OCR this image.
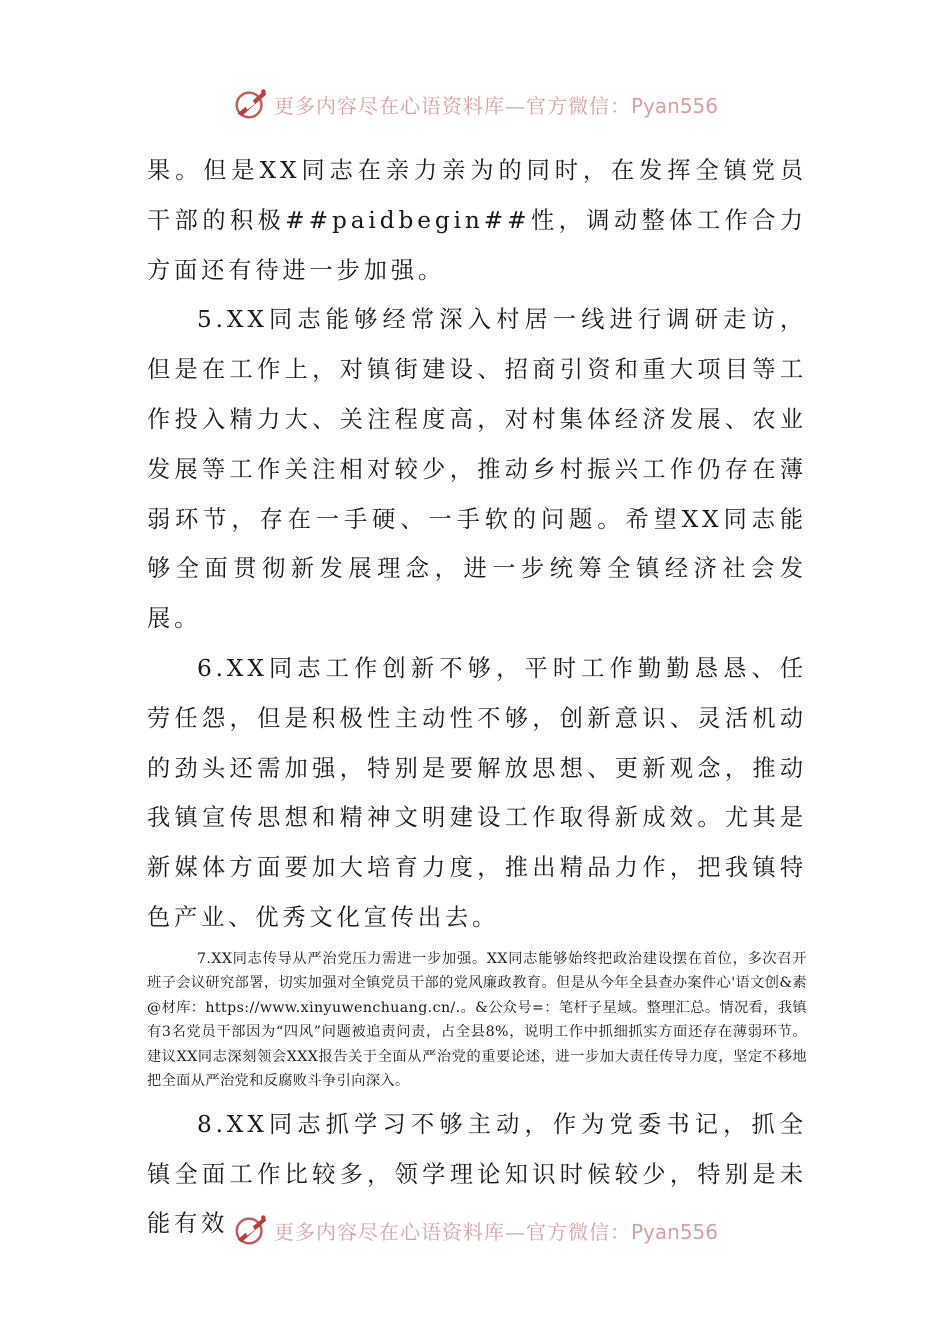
更多内容尽在心语资料库—官方微信：Pyan556

果。但是XX同志在亲力亲为的同时，在发挥全镇党员干部的积极##paidbegin##性，调动整体工作合力方面还有待进一步加强。

5.XX同志能够经常深入村居一线进行调研走访，但是在工作上，对镇街建设、招商引资和重大项目等工作投入精力大、关注程度高，对村集体经济发展、农业发展等工作关注相对较少，推动乡村振兴工作仍存在薄弱环节，存在一手硬、一手软的问题。希望XX同志能够全面贯彻新发展理念，进一步统筹全镇经济社会发展。

6.XX同志工作创新不够，平时工作勤勤恳恳、任劳任怨，但是积极性主动性不够，创新意识、灵活机动的劲头还需加强，特别是要解放思想、更新观念，推动我镇宣传思想和精神文明建设工作取得新成效。尤其是新媒体方面要加大培育力度，推出精品力作，把我镇特色产业、优秀文化宣传出去。

7.XX同志传导从严治党压力需进一步加强。XX同志能够始终把政治建设摆在首位，多次召开班子会议研究部署，切实加强对全镇党员干部的党风廉政教育。但是从今年全县查办案件心'语文创&素@材库：https://www.xinyuwenchuang.cn/.。&公众号=：笔杆子星域。整理汇总。情况看，我镇有3名党员干部因为“四风”问题被追责问责，占全县8%，说明工作中抓细抓实方面还存在薄弱环节。建议XX同志深刻领会XXX报告关于全面从严治党的重要论述，进一步加大责任传导力度，坚定不移地把全面从严治党和反腐败斗争引向深入。

8.XX同志抓学习不够主动，作为党委书记，抓全镇全面工作比较多，领学理论知识时候较少，特别是未能有效	更多内容尽在心语资料库—官方微信：Pyan556
